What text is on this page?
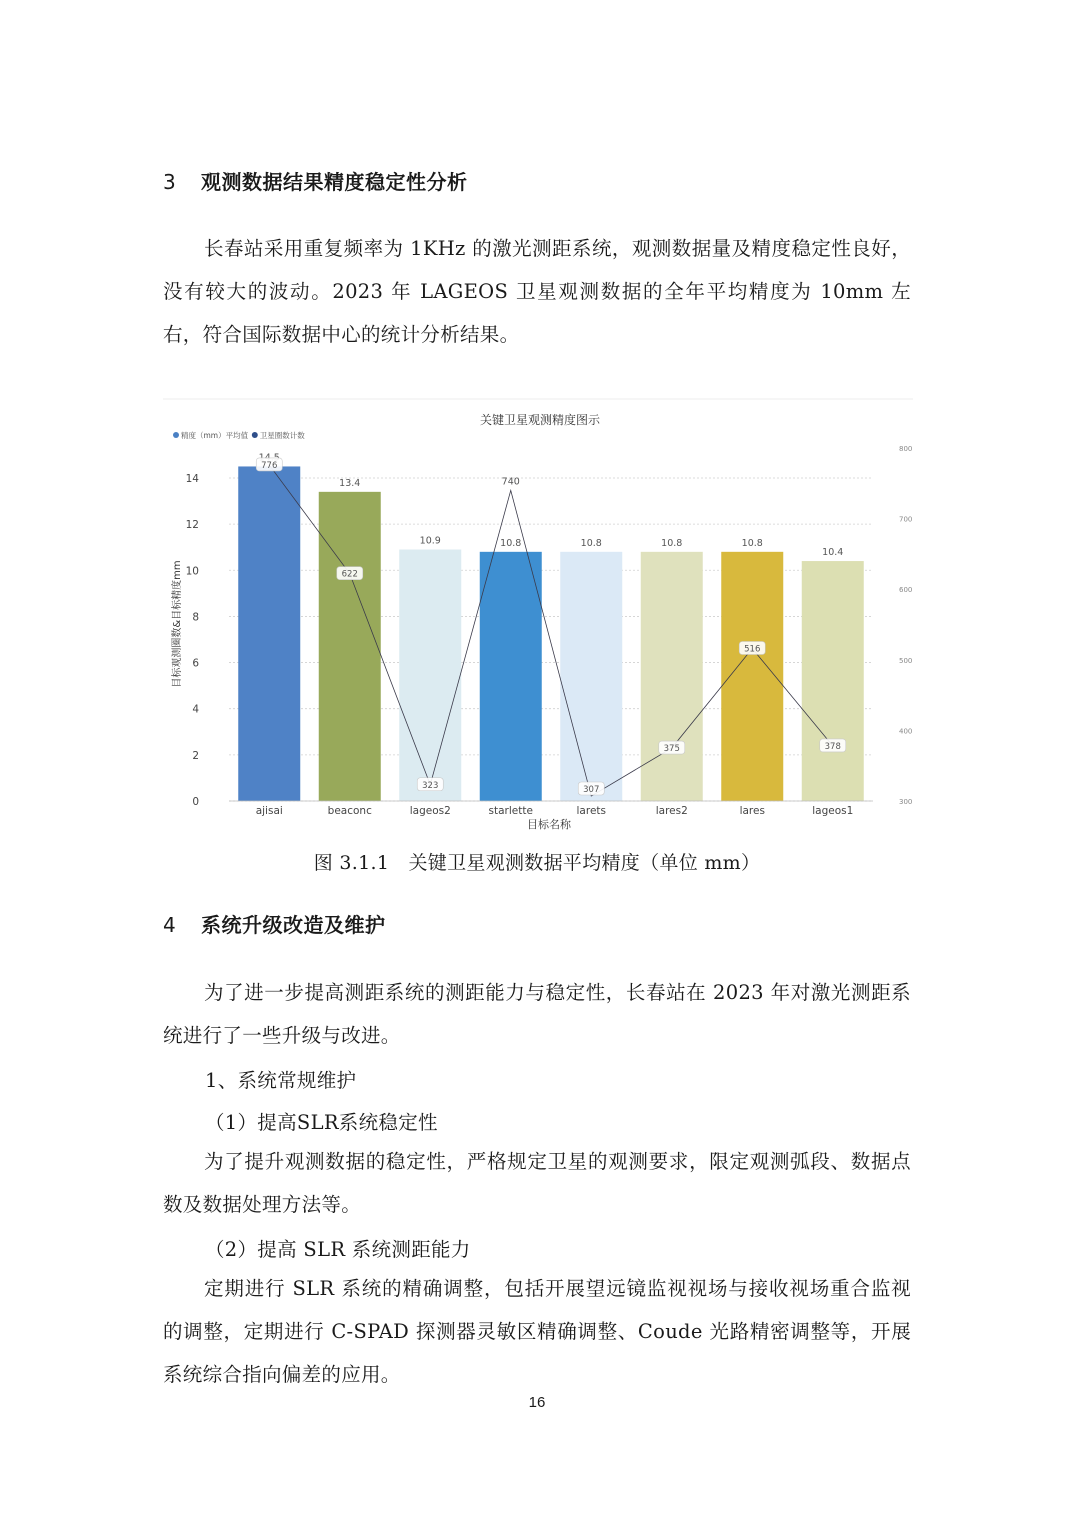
3 观测数据结果精度稳定性分析
长春站采用重复频率为 1KHz 的激光测距系统，观测数据量及精度稳定性良好，没有较大的波动。2023 年 LAGEOS 卫星观测数据的全年平均精度为 10mm 左右，符合国际数据中心的统计分析结果。
关键卫星观测精度图示
精度（mm）平均值 卫星圈数计数
0
2
4
6
8
10
12
14
300
400
500
600
700
800
13.4
10.9	10.8	10.8	10.8	10.8
10.4
776
622
323
740
307
375
516
378
ajisai	beaconc	lageos2	starlette	larets	lares2	lares	lageos1
目标名称
目标观测圈数&目标精度mm
图 3.1.1　关键卫星观测数据平均精度（单位 mm）
4 系统升级改造及维护
为了进一步提高测距系统的测距能力与稳定性，长春站在 2023 年对激光测距系统进行了一些升级与改进。
1、系统常规维护
（1）提高SLR系统稳定性
为了提升观测数据的稳定性，严格规定卫星的观测要求，限定观测弧段、数据点数及数据处理方法等。
（2）提高 SLR 系统测距能力
定期进行 SLR 系统的精确调整，包括开展望远镜监视视场与接收视场重合监视的调整，定期进行 C-SPAD 探测器灵敏区精确调整、Coude 光路精密调整等，开展系统综合指向偏差的应用。
16
